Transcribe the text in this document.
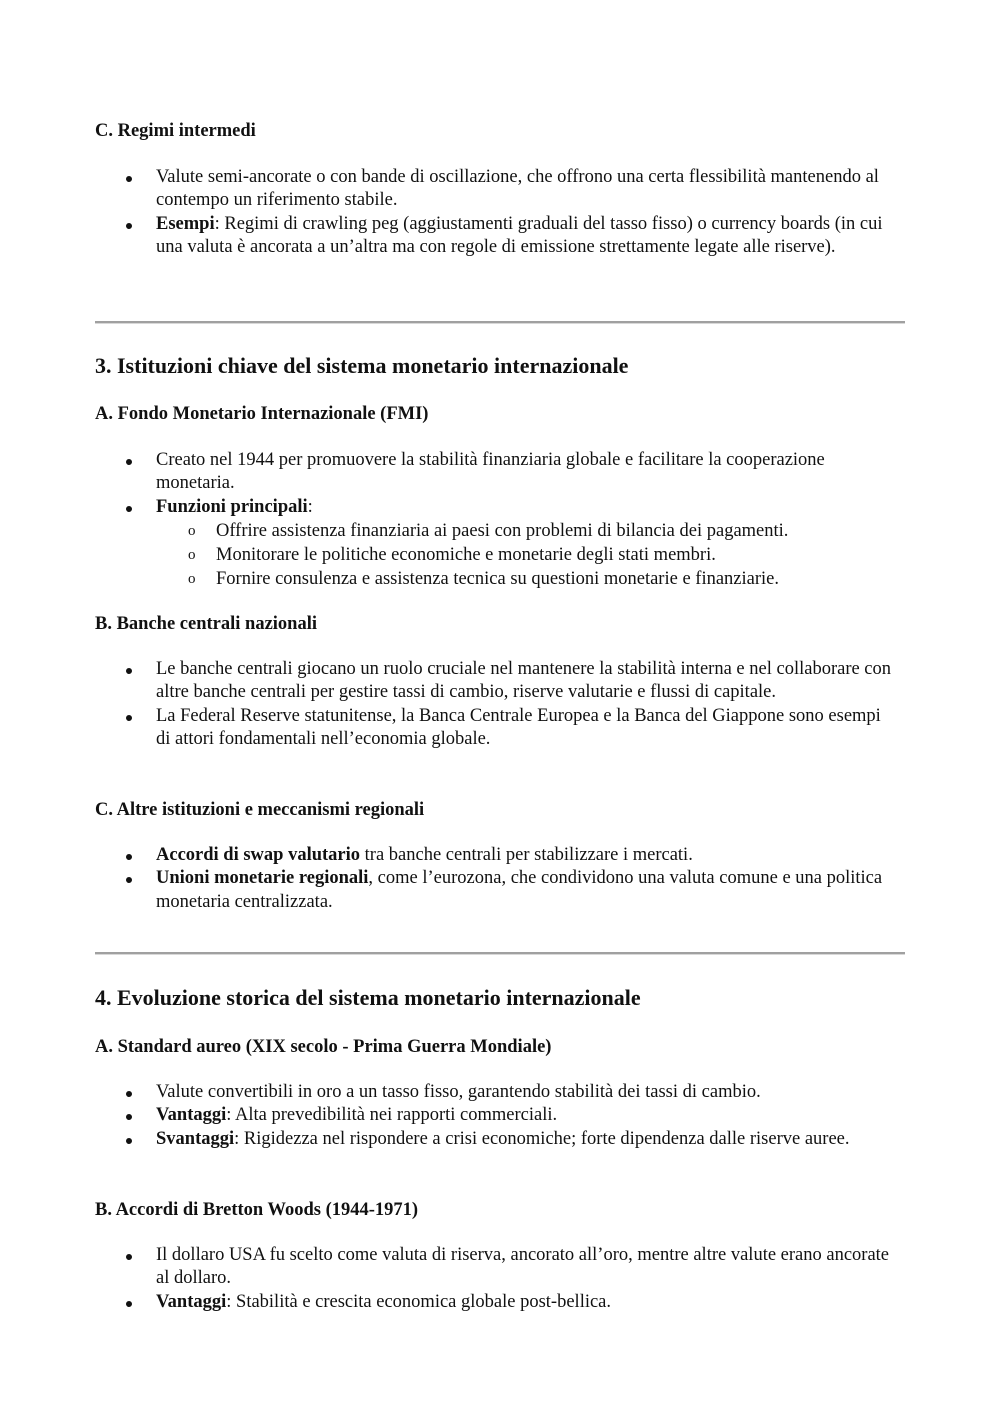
C. Regimi intermedi
Valute semi-ancorate o con bande di oscillazione, che offrono una certa flessibilità mantenendo al contempo un riferimento stabile.
Esempi: Regimi di crawling peg (aggiustamenti graduali del tasso fisso) o currency boards (in cui una valuta è ancorata a un’altra ma con regole di emissione strettamente legate alle riserve).
3. Istituzioni chiave del sistema monetario internazionale
A. Fondo Monetario Internazionale (FMI)
Creato nel 1944 per promuovere la stabilità finanziaria globale e facilitare la cooperazione monetaria.
Funzioni principali:
o Offrire assistenza finanziaria ai paesi con problemi di bilancia dei pagamenti.
o Monitorare le politiche economiche e monetarie degli stati membri.
o Fornire consulenza e assistenza tecnica su questioni monetarie e finanziarie.
B. Banche centrali nazionali
Le banche centrali giocano un ruolo cruciale nel mantenere la stabilità interna e nel collaborare con altre banche centrali per gestire tassi di cambio, riserve valutarie e flussi di capitale.
La Federal Reserve statunitense, la Banca Centrale Europea e la Banca del Giappone sono esempi di attori fondamentali nell’economia globale.
C. Altre istituzioni e meccanismi regionali
Accordi di swap valutario tra banche centrali per stabilizzare i mercati.
Unioni monetarie regionali, come l’eurozona, che condividono una valuta comune e una politica monetaria centralizzata.
4. Evoluzione storica del sistema monetario internazionale
A. Standard aureo (XIX secolo - Prima Guerra Mondiale)
Valute convertibili in oro a un tasso fisso, garantendo stabilità dei tassi di cambio.
Vantaggi: Alta prevedibilità nei rapporti commerciali.
Svantaggi: Rigidezza nel rispondere a crisi economiche; forte dipendenza dalle riserve auree.
B. Accordi di Bretton Woods (1944-1971)
Il dollaro USA fu scelto come valuta di riserva, ancorato all’oro, mentre altre valute erano ancorate al dollaro.
Vantaggi: Stabilità e crescita economica globale post-bellica.
